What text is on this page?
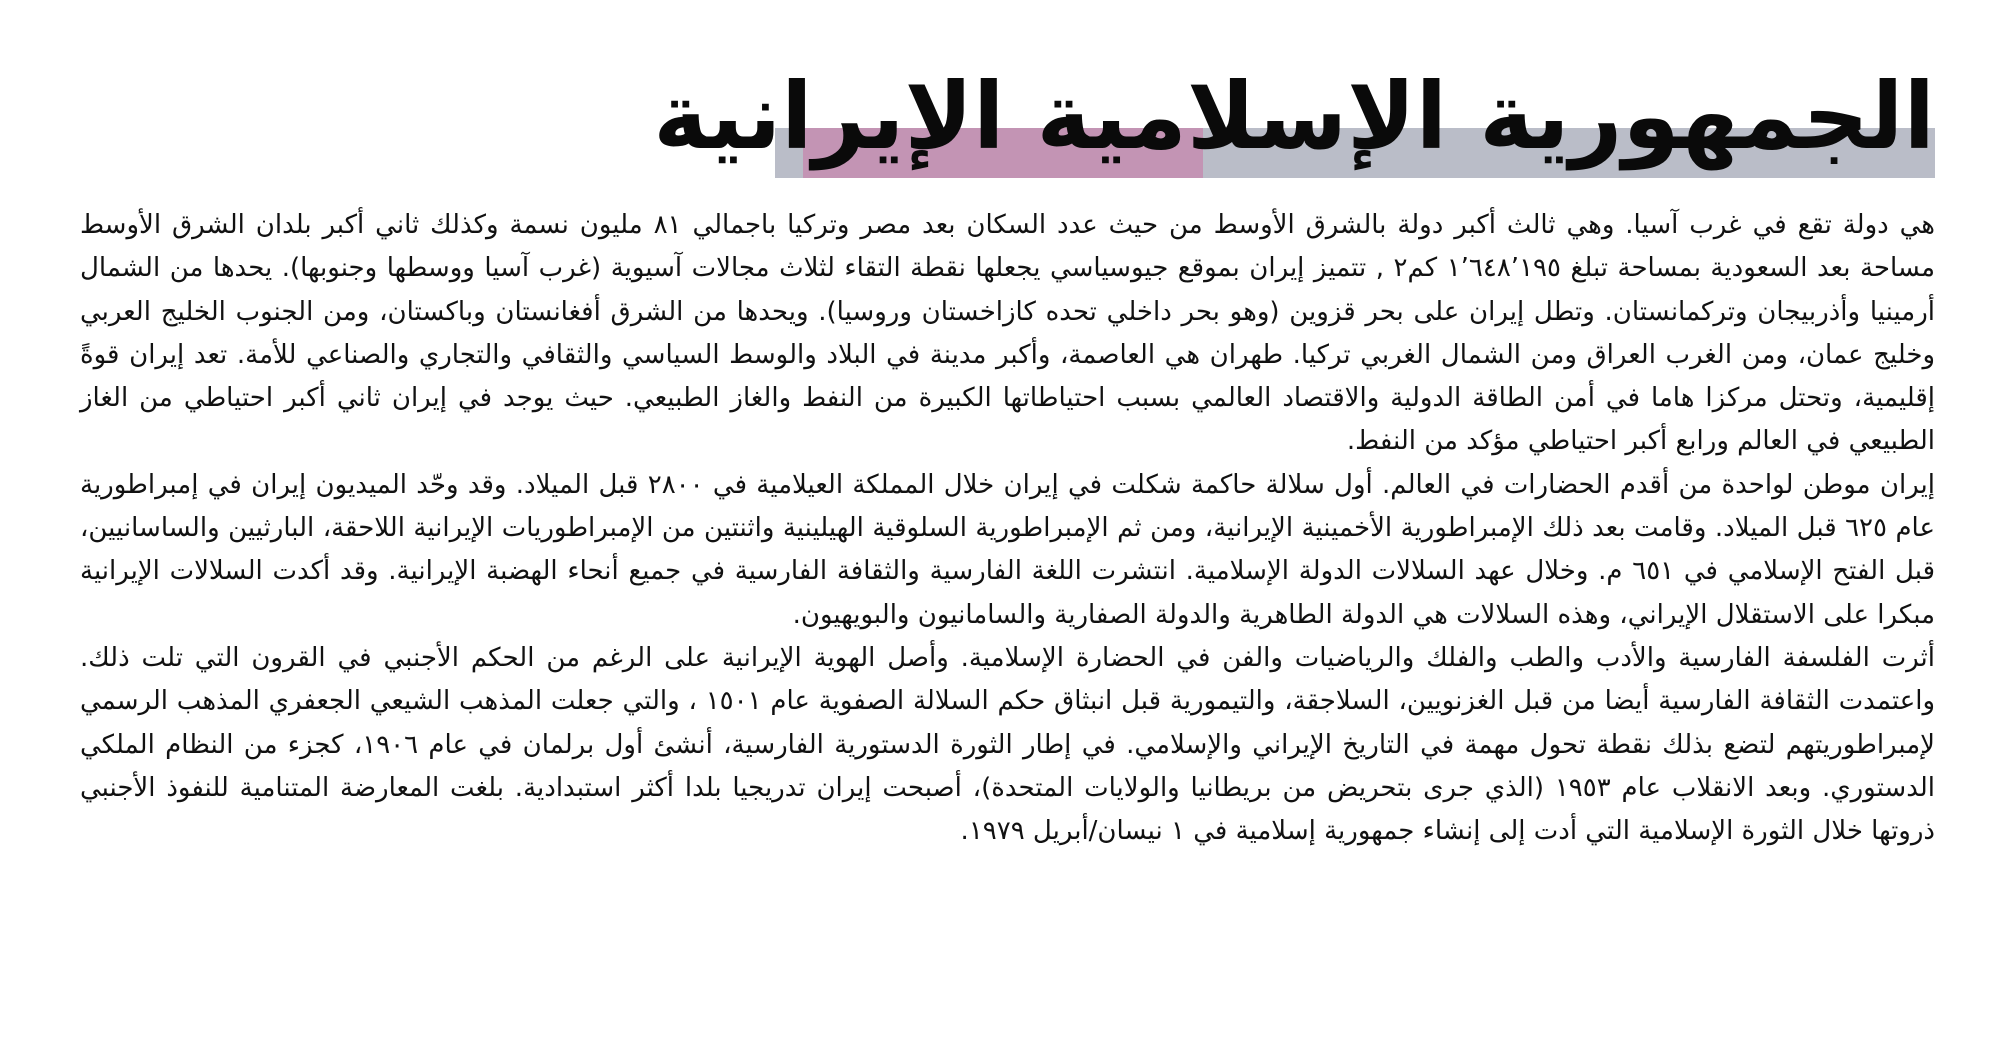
الجمهورية الإسلامية الإيرانية

هي دولة تقع في غرب آسيا. وهي ثالث أكبر دولة بالشرق الأوسط من حيث عدد السكان بعد مصر وتركيا باجمالي ٨١ مليون نسمة وكذلك ثاني أكبر بلدان الشرق الأوسط مساحة بعد السعودية بمساحة تبلغ ١٬٦٤٨٬١٩٥ كم٢ , تتميز إيران بموقع جيوسياسي يجعلها نقطة التقاء لثلاث مجالات آسيوية (غرب آسيا ووسطها وجنوبها). يحدها من الشمال أرمينيا وأذربيجان وتركمانستان. وتطل إيران على بحر قزوين (وهو بحر داخلي تحده كازاخستان وروسيا). ويحدها من الشرق أفغانستان وباكستان، ومن الجنوب الخليج العربي وخليج عمان، ومن الغرب العراق ومن الشمال الغربي تركيا. طهران هي العاصمة، وأكبر مدينة في البلاد والوسط السياسي والثقافي والتجاري والصناعي للأمة. تعد إيران قوةً إقليمية، وتحتل مركزا هاما في أمن الطاقة الدولية والاقتصاد العالمي بسبب احتياطاتها الكبيرة من النفط والغاز الطبيعي. حيث يوجد في إيران ثاني أكبر احتياطي من الغاز الطبيعي في العالم ورابع أكبر احتياطي مؤكد من النفط.

إيران موطن لواحدة من أقدم الحضارات في العالم. أول سلالة حاكمة شكلت في إيران خلال المملكة العيلامية في ٢٨٠٠ قبل الميلاد. وقد وحّد الميديون إيران في إمبراطورية عام ٦٢٥ قبل الميلاد. وقامت بعد ذلك الإمبراطورية الأخمينية الإيرانية، ومن ثم الإمبراطورية السلوقية الهيلينية واثنتين من الإمبراطوريات الإيرانية اللاحقة، البارثيين والساسانيين، قبل الفتح الإسلامي في ٦٥١ م. وخلال عهد السلالات الدولة الإسلامية. انتشرت اللغة الفارسية والثقافة الفارسية في جميع أنحاء الهضبة الإيرانية. وقد أكدت السلالات الإيرانية مبكرا على الاستقلال الإيراني، وهذه السلالات هي الدولة الطاهرية والدولة الصفارية والسامانيون والبويهيون.

أثرت الفلسفة الفارسية والأدب والطب والفلك والرياضيات والفن في الحضارة الإسلامية. وأصل الهوية الإيرانية على الرغم من الحكم الأجنبي في القرون التي تلت ذلك. واعتمدت الثقافة الفارسية أيضا من قبل الغزنويين، السلاجقة، والتيمورية قبل انبثاق حكم السلالة الصفوية عام ١٥٠١ ، والتي جعلت المذهب الشيعي الجعفري المذهب الرسمي لإمبراطوريتهم لتضع بذلك نقطة تحول مهمة في التاريخ الإيراني والإسلامي. في إطار الثورة الدستورية الفارسية، أنشئ أول برلمان في عام ١٩٠٦، كجزء من النظام الملكي الدستوري. وبعد الانقلاب عام ١٩٥٣ (الذي جرى بتحريض من بريطانيا والولايات المتحدة)، أصبحت إيران تدريجيا بلدا أكثر استبدادية. بلغت المعارضة المتنامية للنفوذ الأجنبي ذروتها خلال الثورة الإسلامية التي أدت إلى إنشاء جمهورية إسلامية في ١ نيسان/أبريل ١٩٧٩.
